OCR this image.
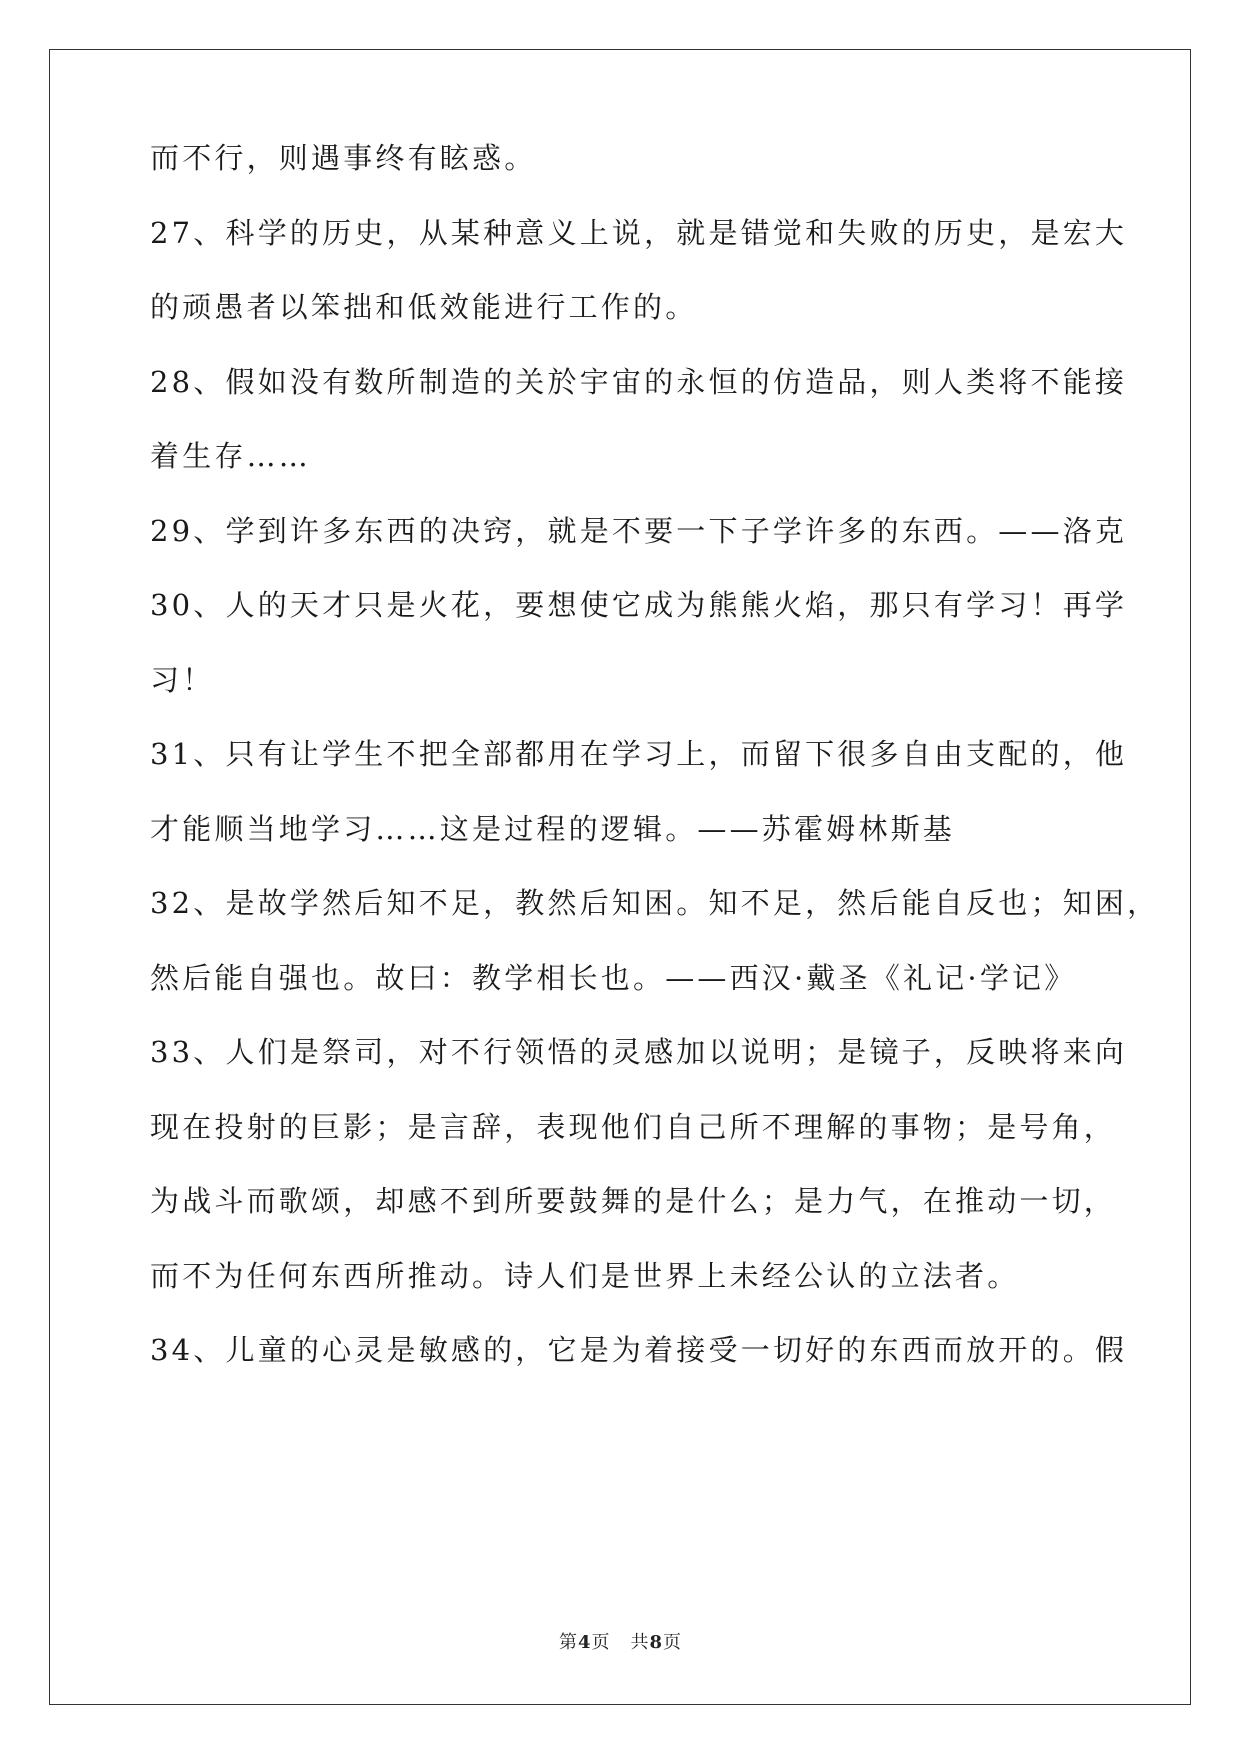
而不行，则遇事终有眩惑。

27、科学的历史，从某种意义上说，就是错觉和失败的历史，是宏大

的顽愚者以笨拙和低效能进行工作的。

28、假如没有数所制造的关於宇宙的永恒的仿造品，则人类将不能接

着生存……

29、学到许多东西的决窍，就是不要一下子学许多的东西。——洛克

30、人的天才只是火花，要想使它成为熊熊火焰，那只有学习！再学

习！

31、只有让学生不把全部都用在学习上，而留下很多自由支配的，他

才能顺当地学习……这是过程的逻辑。——苏霍姆林斯基

32、是故学然后知不足，教然后知困。知不足，然后能自反也；知困，

然后能自强也。故曰：教学相长也。——西汉·戴圣《礼记·学记》

33、人们是祭司，对不行领悟的灵感加以说明；是镜子，反映将来向

现在投射的巨影；是言辞，表现他们自己所不理解的事物；是号角，

为战斗而歌颂，却感不到所要鼓舞的是什么；是力气，在推动一切，

而不为任何东西所推动。诗人们是世界上未经公认的立法者。

34、儿童的心灵是敏感的，它是为着接受一切好的东西而放开的。假

第4页 共8页
